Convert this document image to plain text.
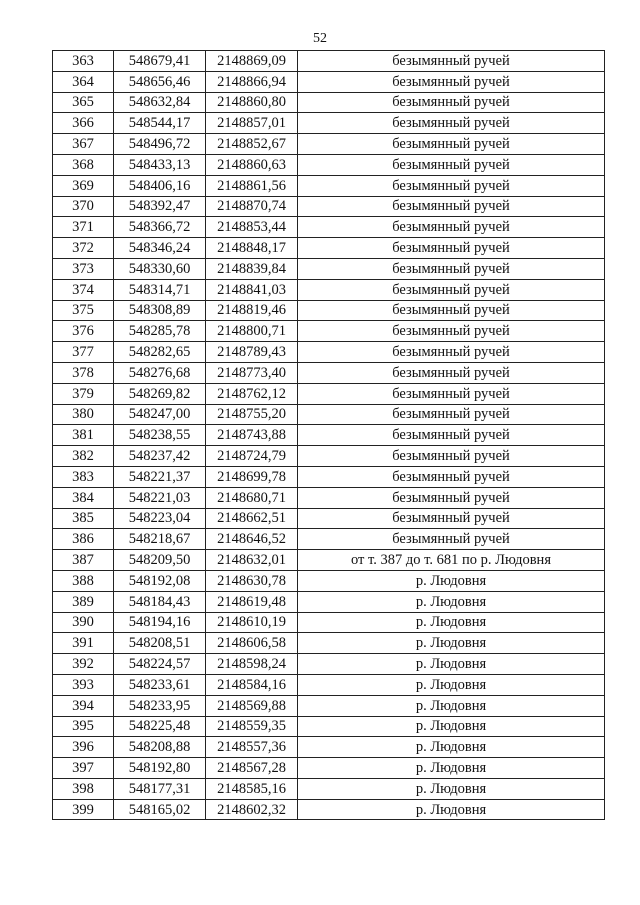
52
363	548679,41	2148869,09	безымянный ручей
364	548656,46	2148866,94	безымянный ручей
365	548632,84	2148860,80	безымянный ручей
366	548544,17	2148857,01	безымянный ручей
367	548496,72	2148852,67	безымянный ручей
368	548433,13	2148860,63	безымянный ручей
369	548406,16	2148861,56	безымянный ручей
370	548392,47	2148870,74	безымянный ручей
371	548366,72	2148853,44	безымянный ручей
372	548346,24	2148848,17	безымянный ручей
373	548330,60	2148839,84	безымянный ручей
374	548314,71	2148841,03	безымянный ручей
375	548308,89	2148819,46	безымянный ручей
376	548285,78	2148800,71	безымянный ручей
377	548282,65	2148789,43	безымянный ручей
378	548276,68	2148773,40	безымянный ручей
379	548269,82	2148762,12	безымянный ручей
380	548247,00	2148755,20	безымянный ручей
381	548238,55	2148743,88	безымянный ручей
382	548237,42	2148724,79	безымянный ручей
383	548221,37	2148699,78	безымянный ручей
384	548221,03	2148680,71	безымянный ручей
385	548223,04	2148662,51	безымянный ручей
386	548218,67	2148646,52	безымянный ручей
387	548209,50	2148632,01	от т. 387 до т. 681 по р. Людовня
388	548192,08	2148630,78	р. Людовня
389	548184,43	2148619,48	р. Людовня
390	548194,16	2148610,19	р. Людовня
391	548208,51	2148606,58	р. Людовня
392	548224,57	2148598,24	р. Людовня
393	548233,61	2148584,16	р. Людовня
394	548233,95	2148569,88	р. Людовня
395	548225,48	2148559,35	р. Людовня
396	548208,88	2148557,36	р. Людовня
397	548192,80	2148567,28	р. Людовня
398	548177,31	2148585,16	р. Людовня
399	548165,02	2148602,32	р. Людовня
